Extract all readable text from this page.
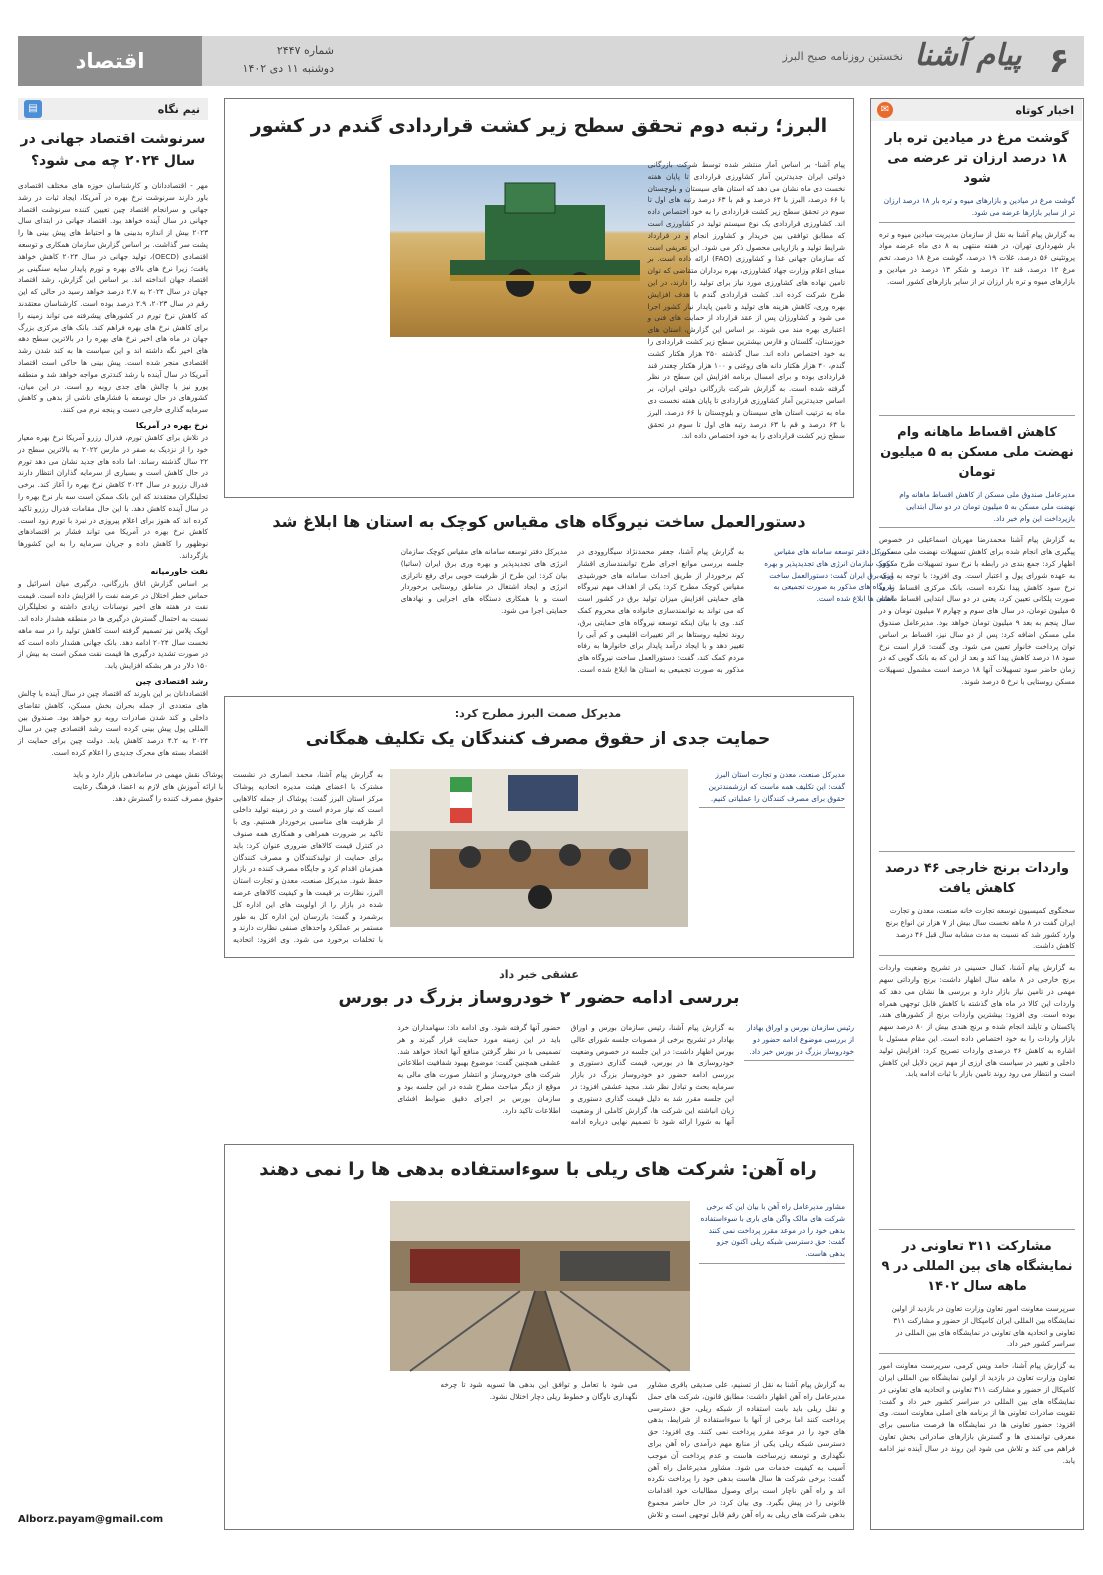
اقتصاد	شماره ۲۴۴۷
دوشنبه ۱۱ دی ۱۴۰۲
نخستین روزنامه صبح البرز پیام آشنا ۶
✉	اخبار کوتاه
گوشت مرغ در میادین تره بار ۱۸ درصد ارزان تر عرضه می شود
گوشت مرغ در میادین و بازارهای میوه و تره بار ۱۸ درصد ارزان تر از سایر بازارها عرضه می شود.
به گزارش پیام آشنا به نقل از سازمان مدیریت میادین میوه و تره بار شهرداری تهران، در هفته منتهی به ۸ دی ماه عرضه مواد پروتئینی ۵۶ درصد، غلات ۱۹ درصد، گوشت مرغ ۱۸ درصد، تخم مرغ ۱۲ درصد، قند ۱۲ درصد و شکر ۱۳ درصد در میادین و بازارهای میوه و تره بار ارزان تر از سایر بازارهای کشور است.
کاهش اقساط ماهانه وام نهضت ملی مسکن به ۵ میلیون تومان
مدیرعامل صندوق ملی مسکن از کاهش اقساط ماهانه وام نهضت ملی مسکن به ۵ میلیون تومان در دو سال ابتدایی بازپرداخت این وام خبر داد.
به گزارش پیام آشنا محمدرضا مهربان اسماعیلی در خصوص پیگیری های انجام شده برای کاهش تسهیلات نهضت ملی مسکن، اظهار کرد: جمع بندی در رابطه با نرخ سود تسهیلات طرح مذکور به عهده شورای پول و اعتبار است. وی افزود: با توجه به اینکه نرخ سود کاهش پیدا نکرده است، بانک مرکزی اقساط را به صورت پلکانی تعیین کرد، یعنی در دو سال ابتدایی اقساط ماهانه ۵ میلیون تومان، در سال های سوم و چهارم ۷ میلیون تومان و در سال پنجم به بعد ۹ میلیون تومان خواهد بود. مدیرعامل صندوق ملی مسکن اضافه کرد: پس از دو سال نیز، اقساط بر اساس توان پرداخت خانوار تعیین می شود. وی گفت: قرار است نرخ سود ۱۸ درصد کاهش پیدا کند و بعد از این که به بانک گویی که در زمان حاضر سود تسهیلات آنها ۱۸ درصد است مشمول تسهیلات مسکن روستایی با نرخ ۵ درصد شوند.
واردات برنج خارجی ۴۶ درصد کاهش یافت
سخنگوی کمیسیون توسعه تجارت خانه صنعت، معدن و تجارت ایران گفت در ۸ ماهه نخست سال بیش از ۷ هزار تن انواع برنج وارد کشور شد که نسبت به مدت مشابه سال قبل ۴۶ درصد کاهش داشت.
به گزارش پیام آشنا، کمال حسینی در تشریح وضعیت واردات برنج خارجی در ۸ ماهه سال اظهار داشت: برنج وارداتی سهم مهمی در تامین نیاز بازار دارد و بررسی ها نشان می دهد که واردات این کالا در ماه های گذشته با کاهش قابل توجهی همراه بوده است. وی افزود: بیشترین واردات برنج از کشورهای هند، پاکستان و تایلند انجام شده و برنج هندی بیش از ۸۰ درصد سهم بازار واردات را به خود اختصاص داده است. این مقام مسئول با اشاره به کاهش ۴۶ درصدی واردات تصریح کرد: افزایش تولید داخلی و تغییر در سیاست های ارزی از مهم ترین دلایل این کاهش است و انتظار می رود روند تامین بازار با ثبات ادامه یابد.
مشارکت ۳۱۱ تعاونی در نمایشگاه های بین المللی در ۹ ماهه سال ۱۴۰۲
سرپرست معاونت امور تعاون وزارت تعاون در بازدید از اولین نمایشگاه بین المللی ایران کامپکال از حضور و مشارکت ۳۱۱ تعاونی و اتحادیه های تعاونی در نمایشگاه های بین المللی در سراسر کشور خبر داد.
به گزارش پیام آشنا، حامد ویس کرمی، سرپرست معاونت امور تعاون وزارت تعاون در بازدید از اولین نمایشگاه بین المللی ایران کامپکال از حضور و مشارکت ۳۱۱ تعاونی و اتحادیه های تعاونی در نمایشگاه های بین المللی در سراسر کشور خبر داد و گفت: تقویت صادرات تعاونی ها از برنامه های اصلی معاونت است. وی افزود: حضور تعاونی ها در نمایشگاه ها فرصت مناسبی برای معرفی توانمندی ها و گسترش بازارهای صادراتی بخش تعاون فراهم می کند و تلاش می شود این روند در سال آینده نیز ادامه یابد.
▤	نیم نگاه
سرنوشت اقتصاد جهانی در سال ۲۰۲۴ چه می شود؟
مهر - اقتصاددانان و کارشناسان حوزه های مختلف اقتصادی باور دارند سرنوشت نرخ بهره در آمریکا، ایجاد ثبات در رشد جهانی و سرانجام اقتصاد چین تعیین کننده سرنوشت اقتصاد جهانی در سال آینده خواهد بود. اقتصاد جهانی در ابتدای سال ۲۰۲۳ بیش از اندازه بدبینی ها و احتیاط های پیش بینی ها را پشت سر گذاشت. بر اساس گزارش سازمان همکاری و توسعه اقتصادی (OECD)، تولید جهانی در سال ۲۰۲۴ کاهش خواهد یافت؛ زیرا نرخ های بالای بهره و تورم پایدار سایه سنگینی بر اقتصاد جهان انداخته اند. بر اساس این گزارش، رشد اقتصاد جهان در سال ۲۰۲۴ به ۲.۷ درصد خواهد رسید در حالی که این رقم در سال ۲۰۲۳، ۲.۹ درصد بوده است. کارشناسان معتقدند که کاهش نرخ تورم در کشورهای پیشرفته می تواند زمینه را برای کاهش نرخ های بهره فراهم کند. بانک های مرکزی بزرگ جهان در ماه های اخیر نرخ های بهره را در بالاترین سطح دهه های اخیر نگه داشته اند و این سیاست ها به کند شدن رشد اقتصادی منجر شده است. پیش بینی ها حاکی است اقتصاد آمریکا در سال آینده با رشد کندتری مواجه خواهد شد و منطقه یورو نیز با چالش های جدی روبه رو است. در این میان، کشورهای در حال توسعه با فشارهای ناشی از بدهی و کاهش سرمایه گذاری خارجی دست و پنجه نرم می کنند.
نرخ بهره در آمریکا
در تلاش برای کاهش تورم، فدرال رزرو آمریکا نرخ بهره معیار خود را از نزدیک به صفر در مارس ۲۰۲۲ به بالاترین سطح در ۲۲ سال گذشته رساند. اما داده های جدید نشان می دهد تورم در حال کاهش است و بسیاری از سرمایه گذاران انتظار دارند فدرال رزرو در سال ۲۰۲۴ کاهش نرخ بهره را آغاز کند. برخی تحلیلگران معتقدند که این بانک ممکن است سه بار نرخ بهره را در سال آینده کاهش دهد. با این حال مقامات فدرال رزرو تاکید کرده اند که هنوز برای اعلام پیروزی در نبرد با تورم زود است. کاهش نرخ بهره در آمریکا می تواند فشار بر اقتصادهای نوظهور را کاهش داده و جریان سرمایه را به این کشورها بازگرداند.
نفت خاورمیانه
بر اساس گزارش اتاق بازرگانی، درگیری میان اسرائیل و حماس خطر اختلال در عرضه نفت را افزایش داده است. قیمت نفت در هفته های اخیر نوسانات زیادی داشته و تحلیلگران نسبت به احتمال گسترش درگیری ها در منطقه هشدار داده اند. اوپک پلاس نیز تصمیم گرفته است کاهش تولید را در سه ماهه نخست سال ۲۰۲۴ ادامه دهد. بانک جهانی هشدار داده است که در صورت تشدید درگیری ها قیمت نفت ممکن است به بیش از ۱۵۰ دلار در هر بشکه افزایش یابد.
رشد اقتصادی چین
اقتصاددانان بر این باورند که اقتصاد چین در سال آینده با چالش های متعددی از جمله بحران بخش مسکن، کاهش تقاضای داخلی و کند شدن صادرات روبه رو خواهد بود. صندوق بین المللی پول پیش بینی کرده است رشد اقتصادی چین در سال ۲۰۲۴ به ۴.۲ درصد کاهش یابد. دولت چین برای حمایت از اقتصاد بسته های محرک جدیدی را اعلام کرده است.
Alborz.payam@gmail.com
البرز؛ رتبه دوم تحقق سطح زیر کشت قراردادی گندم در کشور
پیام آشنا- بر اساس آمار منتشر شده توسط شرکت بازرگانی دولتی ایران جدیدترین آمار کشاورزی قراردادی تا پایان هفته نخست دی ماه نشان می دهد که استان های سیستان و بلوچستان با ۶۶ درصد، البرز با ۶۴ درصد و قم با ۶۳ درصد رتبه های اول تا سوم در تحقق سطح زیر کشت قراردادی را به خود اختصاص داده اند. کشاورزی قراردادی یک نوع سیستم تولید در کشاورزی است که مطابق توافقی بین خریدار و کشاورز انجام و در قرارداد شرایط تولید و بازاریابی محصول ذکر می شود. این تعریفی است که سازمان جهانی غذا و کشاورزی (FAO) ارائه داده است. بر مبنای اعلام وزارت جهاد کشاورزی، بهره برداران متقاضی که توان تامین نهاده های کشاورزی مورد نیاز برای تولید را دارند، در این طرح شرکت کرده اند. کشت قراردادی گندم با هدف افزایش بهره وری، کاهش هزینه های تولید و تامین پایدار نیاز کشور اجرا می شود و کشاورزان پس از عقد قرارداد از حمایت های فنی و اعتباری بهره مند می شوند. بر اساس این گزارش، استان های خوزستان، گلستان و فارس بیشترین سطح زیر کشت قراردادی را به خود اختصاص داده اند. سال گذشته ۲۵۰ هزار هکتار کشت گندم، ۴۰ هزار هکتار دانه های روغنی و ۱۰۰ هزار هکتار چغندر قند قراردادی بوده و برای امسال برنامه افزایش این سطح در نظر گرفته شده است. به گزارش شرکت بازرگانی دولتی ایران، بر اساس جدیدترین آمار کشاورزی قراردادی تا پایان هفته نخست دی ماه به ترتیب استان های سیستان و بلوچستان با ۶۶ درصد، البرز با ۶۴ درصد و قم با ۶۳ درصد رتبه های اول تا سوم در تحقق سطح زیر کشت قراردادی را به خود اختصاص داده اند.
دستورالعمل ساخت نیروگاه های مقیاس کوچک به استان ها ابلاغ شد
مدیرکل دفتر توسعه سامانه های مقیاس کوچک سازمان انرژی های تجدیدپذیر و بهره وری برق ایران گفت: دستورالعمل ساخت نیروگاه های مذکور به صورت تجمیعی به استان ها ابلاغ شده است.
به گزارش پیام آشنا، جعفر محمدنژاد سیگاروودی در جلسه بررسی موانع اجرای طرح توانمندسازی اقشار کم برخوردار از طریق احداث سامانه های خورشیدی مقیاس کوچک مطرح کرد: یکی از اهداف مهم نیروگاه های حمایتی افزایش میزان تولید برق در کشور است که می تواند به توانمندسازی خانواده های محروم کمک کند. وی با بیان اینکه توسعه نیروگاه های حمایتی برق، روند تخلیه روستاها بر اثر تغییرات اقلیمی و کم آبی را تغییر دهد و با ایجاد درآمد پایدار برای خانوارها به رفاه مردم کمک کند، گفت: دستورالعمل ساخت نیروگاه های مذکور به صورت تجمیعی به استان ها ابلاغ شده است. مدیرکل دفتر توسعه سامانه های مقیاس کوچک سازمان انرژی های تجدیدپذیر و بهره وری برق ایران (ساتبا) بیان کرد: این طرح از ظرفیت خوبی برای رفع ناترازی انرژی و ایجاد اشتغال در مناطق روستایی برخوردار است و با همکاری دستگاه های اجرایی و نهادهای حمایتی اجرا می شود.
مدیرکل صمت البرز مطرح کرد:
حمایت جدی از حقوق مصرف کنندگان یک تکلیف همگانی
مدیرکل صنعت، معدن و تجارت استان البرز گفت: این تکلیف همه ماست که ارزشمندترین حقوق برای مصرف کنندگان را عملیاتی کنیم.
به گزارش پیام آشنا، محمد انصاری در نشست مشترک با اعضای هیئت مدیره اتحادیه پوشاک مرکز استان البرز گفت: پوشاک از جمله کالاهایی است که نیاز مردم است و در زمینه تولید داخلی از ظرفیت های مناسبی برخوردار هستیم. وی با تاکید بر ضرورت همراهی و همکاری همه صنوف در کنترل قیمت کالاهای ضروری عنوان کرد: باید برای حمایت از تولیدکنندگان و مصرف کنندگان همزمان اقدام کرد و جایگاه مصرف کننده در بازار حفظ شود. مدیرکل صنعت، معدن و تجارت استان البرز، نظارت بر قیمت ها و کیفیت کالاهای عرضه شده در بازار را از اولویت های این اداره کل برشمرد و گفت: بازرسان این اداره کل به طور مستمر بر عملکرد واحدهای صنفی نظارت دارند و با تخلفات برخورد می شود. وی افزود: اتحادیه پوشاک نقش مهمی در ساماندهی بازار دارد و باید با ارائه آموزش های لازم به اعضا، فرهنگ رعایت حقوق مصرف کننده را گسترش دهد.
عشقی خبر داد
بررسی ادامه حضور ۲ خودروساز بزرگ در بورس
رئیس سازمان بورس و اوراق بهادار از بررسی موضوع ادامه حضور دو خودروساز بزرگ در بورس خبر داد.
به گزارش پیام آشنا، رئیس سازمان بورس و اوراق بهادار در تشریح برخی از مصوبات جلسه شورای عالی بورس اظهار داشت: در این جلسه در خصوص وضعیت خودروسازی ها در بورس، قیمت گذاری دستوری و بررسی ادامه حضور دو خودروساز بزرگ در بازار سرمایه بحث و تبادل نظر شد. مجید عشقی افزود: در این جلسه مقرر شد به دلیل قیمت گذاری دستوری و زیان انباشته این شرکت ها، گزارش کاملی از وضعیت آنها به شورا ارائه شود تا تصمیم نهایی درباره ادامه حضور آنها گرفته شود. وی ادامه داد: سهامداران خرد باید در این زمینه مورد حمایت قرار گیرند و هر تصمیمی با در نظر گرفتن منافع آنها اتخاذ خواهد شد. عشقی همچنین گفت: موضوع بهبود شفافیت اطلاعاتی شرکت های خودروساز و انتشار صورت های مالی به موقع از دیگر مباحث مطرح شده در این جلسه بود و سازمان بورس بر اجرای دقیق ضوابط افشای اطلاعات تاکید دارد.
راه آهن: شرکت های ریلی با سوءاستفاده بدهی ها را نمی دهند
مشاور مدیرعامل راه آهن با بیان این که برخی شرکت های مالک واگن های باری با سوءاستفاده بدهی خود را در موعد مقرر پرداخت نمی کنند گفت: حق دسترسی شبکه ریلی اکنون جزو بدهی هاست.
به گزارش پیام آشنا به نقل از تسنیم، علی صدیقی باقری مشاور مدیرعامل راه آهن اظهار داشت: مطابق قانون، شرکت های حمل و نقل ریلی باید بابت استفاده از شبکه ریلی، حق دسترسی پرداخت کنند اما برخی از آنها با سوءاستفاده از شرایط، بدهی های خود را در موعد مقرر پرداخت نمی کنند. وی افزود: حق دسترسی شبکه ریلی یکی از منابع مهم درآمدی راه آهن برای نگهداری و توسعه زیرساخت هاست و عدم پرداخت آن موجب آسیب به کیفیت خدمات می شود. مشاور مدیرعامل راه آهن گفت: برخی شرکت ها سال هاست بدهی خود را پرداخت نکرده اند و راه آهن ناچار است برای وصول مطالبات خود اقدامات قانونی را در پیش بگیرد. وی بیان کرد: در حال حاضر مجموع بدهی شرکت های ریلی به راه آهن رقم قابل توجهی است و تلاش می شود با تعامل و توافق این بدهی ها تسویه شود تا چرخه نگهداری ناوگان و خطوط ریلی دچار اختلال نشود.
